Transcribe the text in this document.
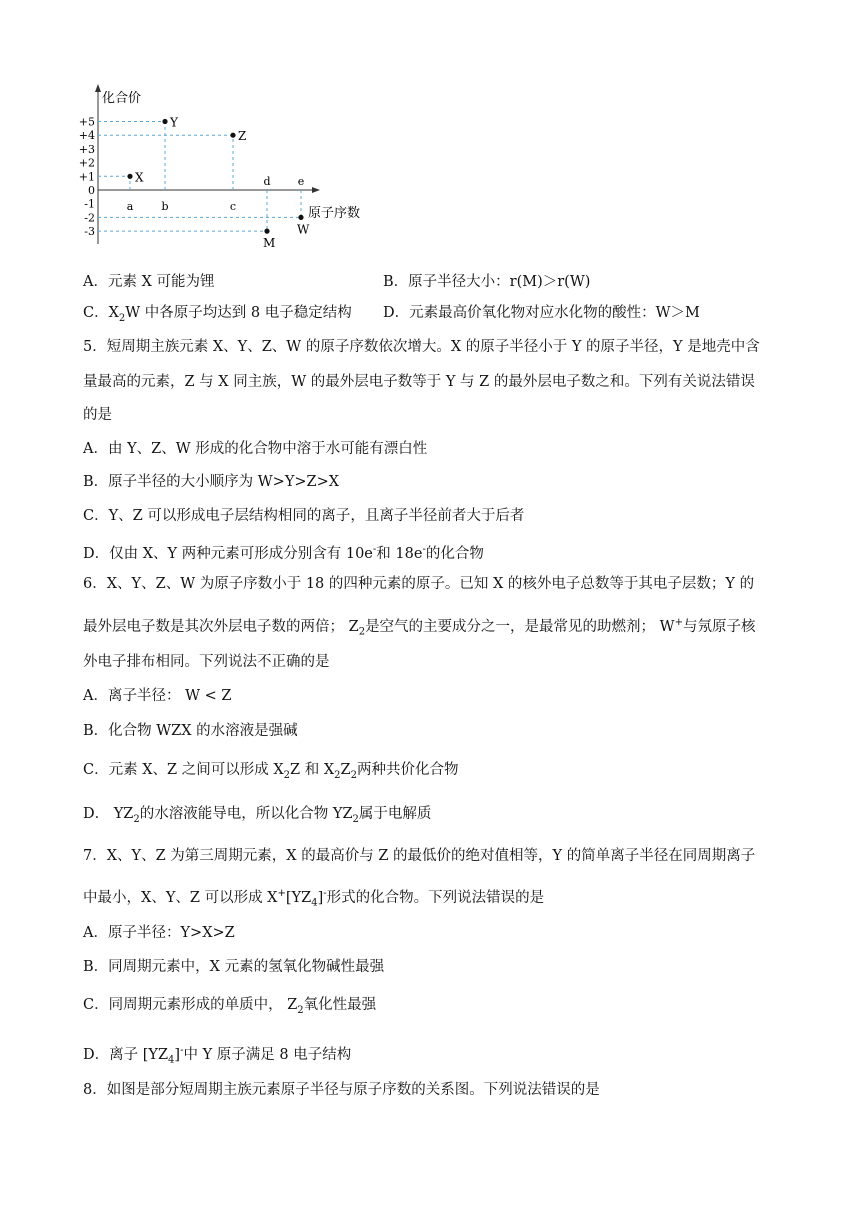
化合价
原子序数
+5
+4
+3
+2
+1
0
-1
-2
-3
a	b	c
d e
X
Y
Z
M
W
A．元素 X 可能为锂	B．原子半径大小：r(M)＞r(W)
C．$X_2W$ 中各原子均达到 8 电子稳定结构 D．元素最高价氧化物对应水化物的酸性：W＞M
5．短周期主族元素 X、Y、Z、W 的原子序数依次增大。X 的原子半径小于 Y 的原子半径，Y 是地壳中含
量最高的元素，Z 与 X 同主族，W 的最外层电子数等于 Y 与 Z 的最外层电子数之和。下列有关说法错误
的是
A．由 Y、Z、W 形成的化合物中溶于水可能有漂白性
B．原子半径的大小顺序为 W>Y>Z>X
C．Y、Z 可以形成电子层结构相同的离子，且离子半径前者大于后者
D．仅由 X、Y 两种元素可形成分别含有 10e-和 18e-的化合物
6．X、Y、Z、W 为原子序数小于 18 的四种元素的原子。已知 X 的核外电子总数等于其电子层数；Y 的
最外层电子数是其次外层电子数的两倍； $Z_2$是空气的主要成分之一，是最常见的助燃剂； W+与氖原子核
外电子排布相同。下列说法不正确的是
A．离子半径： W < Z
B．化合物 WZX 的水溶液是强碱
C．元素 X、Z 之间可以形成 $X_2Z$ 和 $X_2Z_2$两种共价化合物
D． $YZ_2$的水溶液能导电，所以化合物 $YZ_2$属于电解质
7．X、Y、Z 为第三周期元素，X 的最高价与 Z 的最低价的绝对值相等，Y 的简单离子半径在同周期离子
中最小，X、Y、Z 可以形成 $X^+[YZ_4]^-$形式的化合物。下列说法错误的是
A．原子半径：Y>X>Z
B．同周期元素中，X 元素的氢氧化物碱性最强
C．同周期元素形成的单质中， $Z_2$氧化性最强
D．离子 $[YZ_4]^-$中 Y 原子满足 8 电子结构
8．如图是部分短周期主族元素原子半径与原子序数的关系图。下列说法错误的是
